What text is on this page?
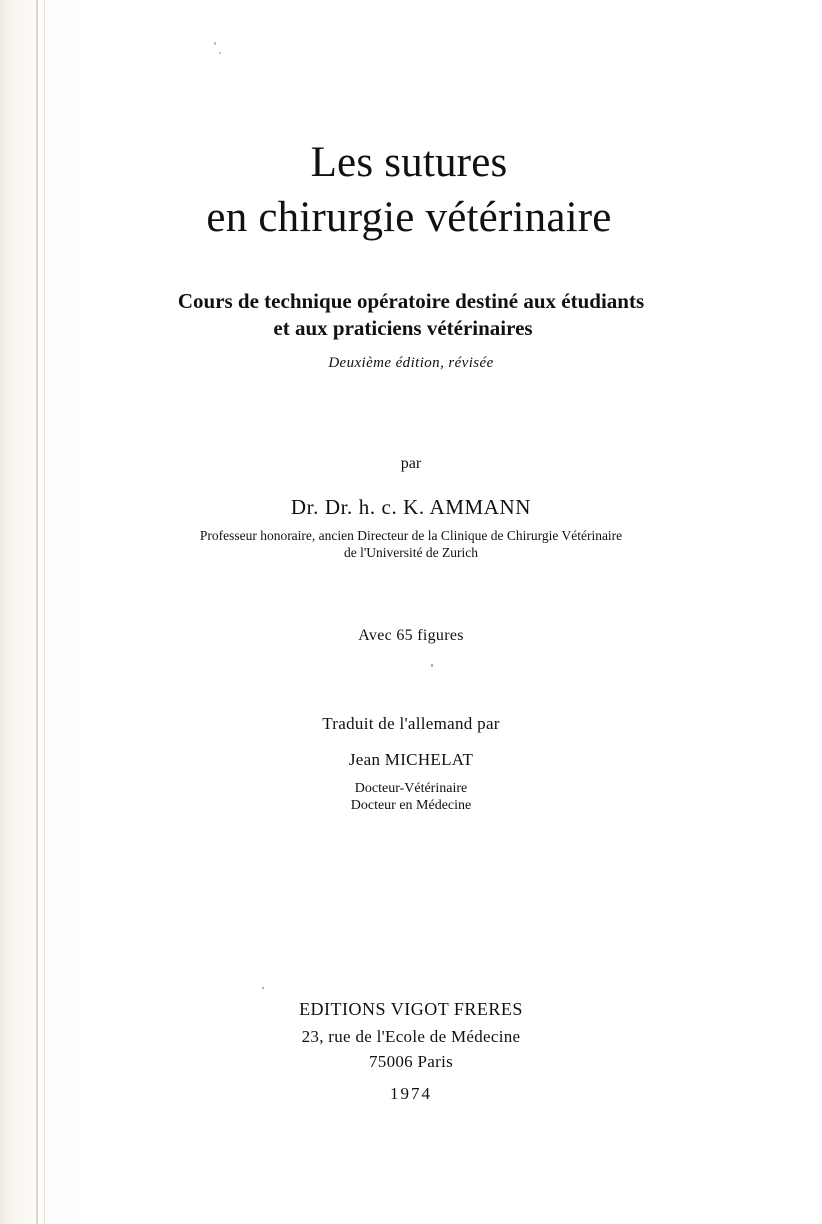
Les sutures
en chirurgie vétérinaire

Cours de technique opératoire destiné aux étudiants

et aux praticiens vétérinaires

Deuxième édition, révisée

par

Dr. Dr. h. c. K. AMMANN

Professeur honoraire, ancien Directeur de la Clinique de Chirurgie Vétérinaire

de l'Université de Zurich

Avec 65 figures

Traduit de l'allemand par

Jean MICHELAT

Docteur-Vétérinaire

Docteur en Médecine

EDITIONS VIGOT FRERES

23, rue de l'Ecole de Médecine

75006 Paris

1974
